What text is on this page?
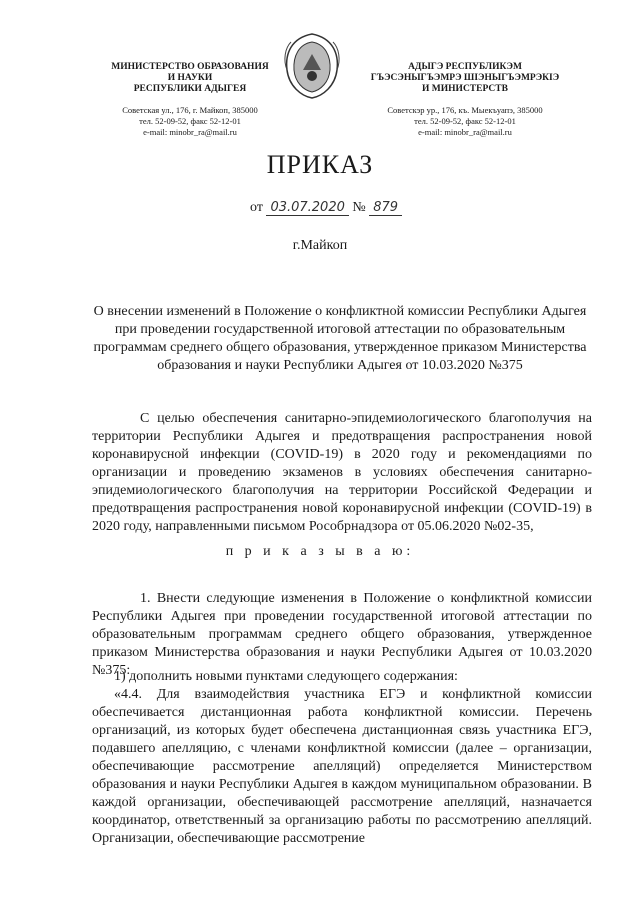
МИНИСТЕРСТВО ОБРАЗОВАНИЯ
И НАУКИ
РЕСПУБЛИКИ АДЫГЕЯ
Советская ул., 176, г. Майкоп, 385000
тел. 52-09-52, факс 52-12-01
e-mail: minobr_ra@mail.ru
АДЫГЭ РЕСПУБЛИКЭМ
ГЪЭСЭНЫГЪЭМРЭ ШIЭНЫГЪЭМРЭКIЭ
И МИНИСТЕРСТВ
Советскэр ур., 176, къ. Мыекъуапэ, 385000
тел. 52-09-52, факс 52-12-01
e-mail: minobr_ra@mail.ru
ПРИКАЗ
от 03.07.2020 № 879
г.Майкоп
О внесении изменений в Положение о конфликтной комиссии Республики Адыгея при проведении государственной итоговой аттестации по образовательным программам среднего общего образования, утвержденное приказом Министерства образования и науки Республики Адыгея от 10.03.2020 №375
С целью обеспечения санитарно-эпидемиологического благополучия на территории Республики Адыгея и предотвращения распространения новой коронавирусной инфекции (COVID-19) в 2020 году и рекомендациями по организации и проведению экзаменов в условиях обеспечения санитарно-эпидемиологического благополучия на территории Российской Федерации и предотвращения распространения новой коронавирусной инфекции (COVID-19) в 2020 году, направленными письмом Рособрнадзора от 05.06.2020 №02-35,
п р и к а з ы в а ю:
1. Внести следующие изменения в Положение о конфликтной комиссии Республики Адыгея при проведении государственной итоговой аттестации по образовательным программам среднего общего образования, утвержденное приказом Министерства образования и науки Республики Адыгея от 10.03.2020 №375:
1) дополнить новыми пунктами следующего содержания:
«4.4. Для взаимодействия участника ЕГЭ и конфликтной комиссии обеспечивается дистанционная работа конфликтной комиссии. Перечень организаций, из которых будет обеспечена дистанционная связь участника ЕГЭ, подавшего апелляцию, с членами конфликтной комиссии (далее – организации, обеспечивающие рассмотрение апелляций) определяется Министерством образования и науки Республики Адыгея в каждом муниципальном образовании. В каждой организации, обеспечивающей рассмотрение апелляций, назначается координатор, ответственный за организацию работы по рассмотрению апелляций. Организации, обеспечивающие рассмотрение
